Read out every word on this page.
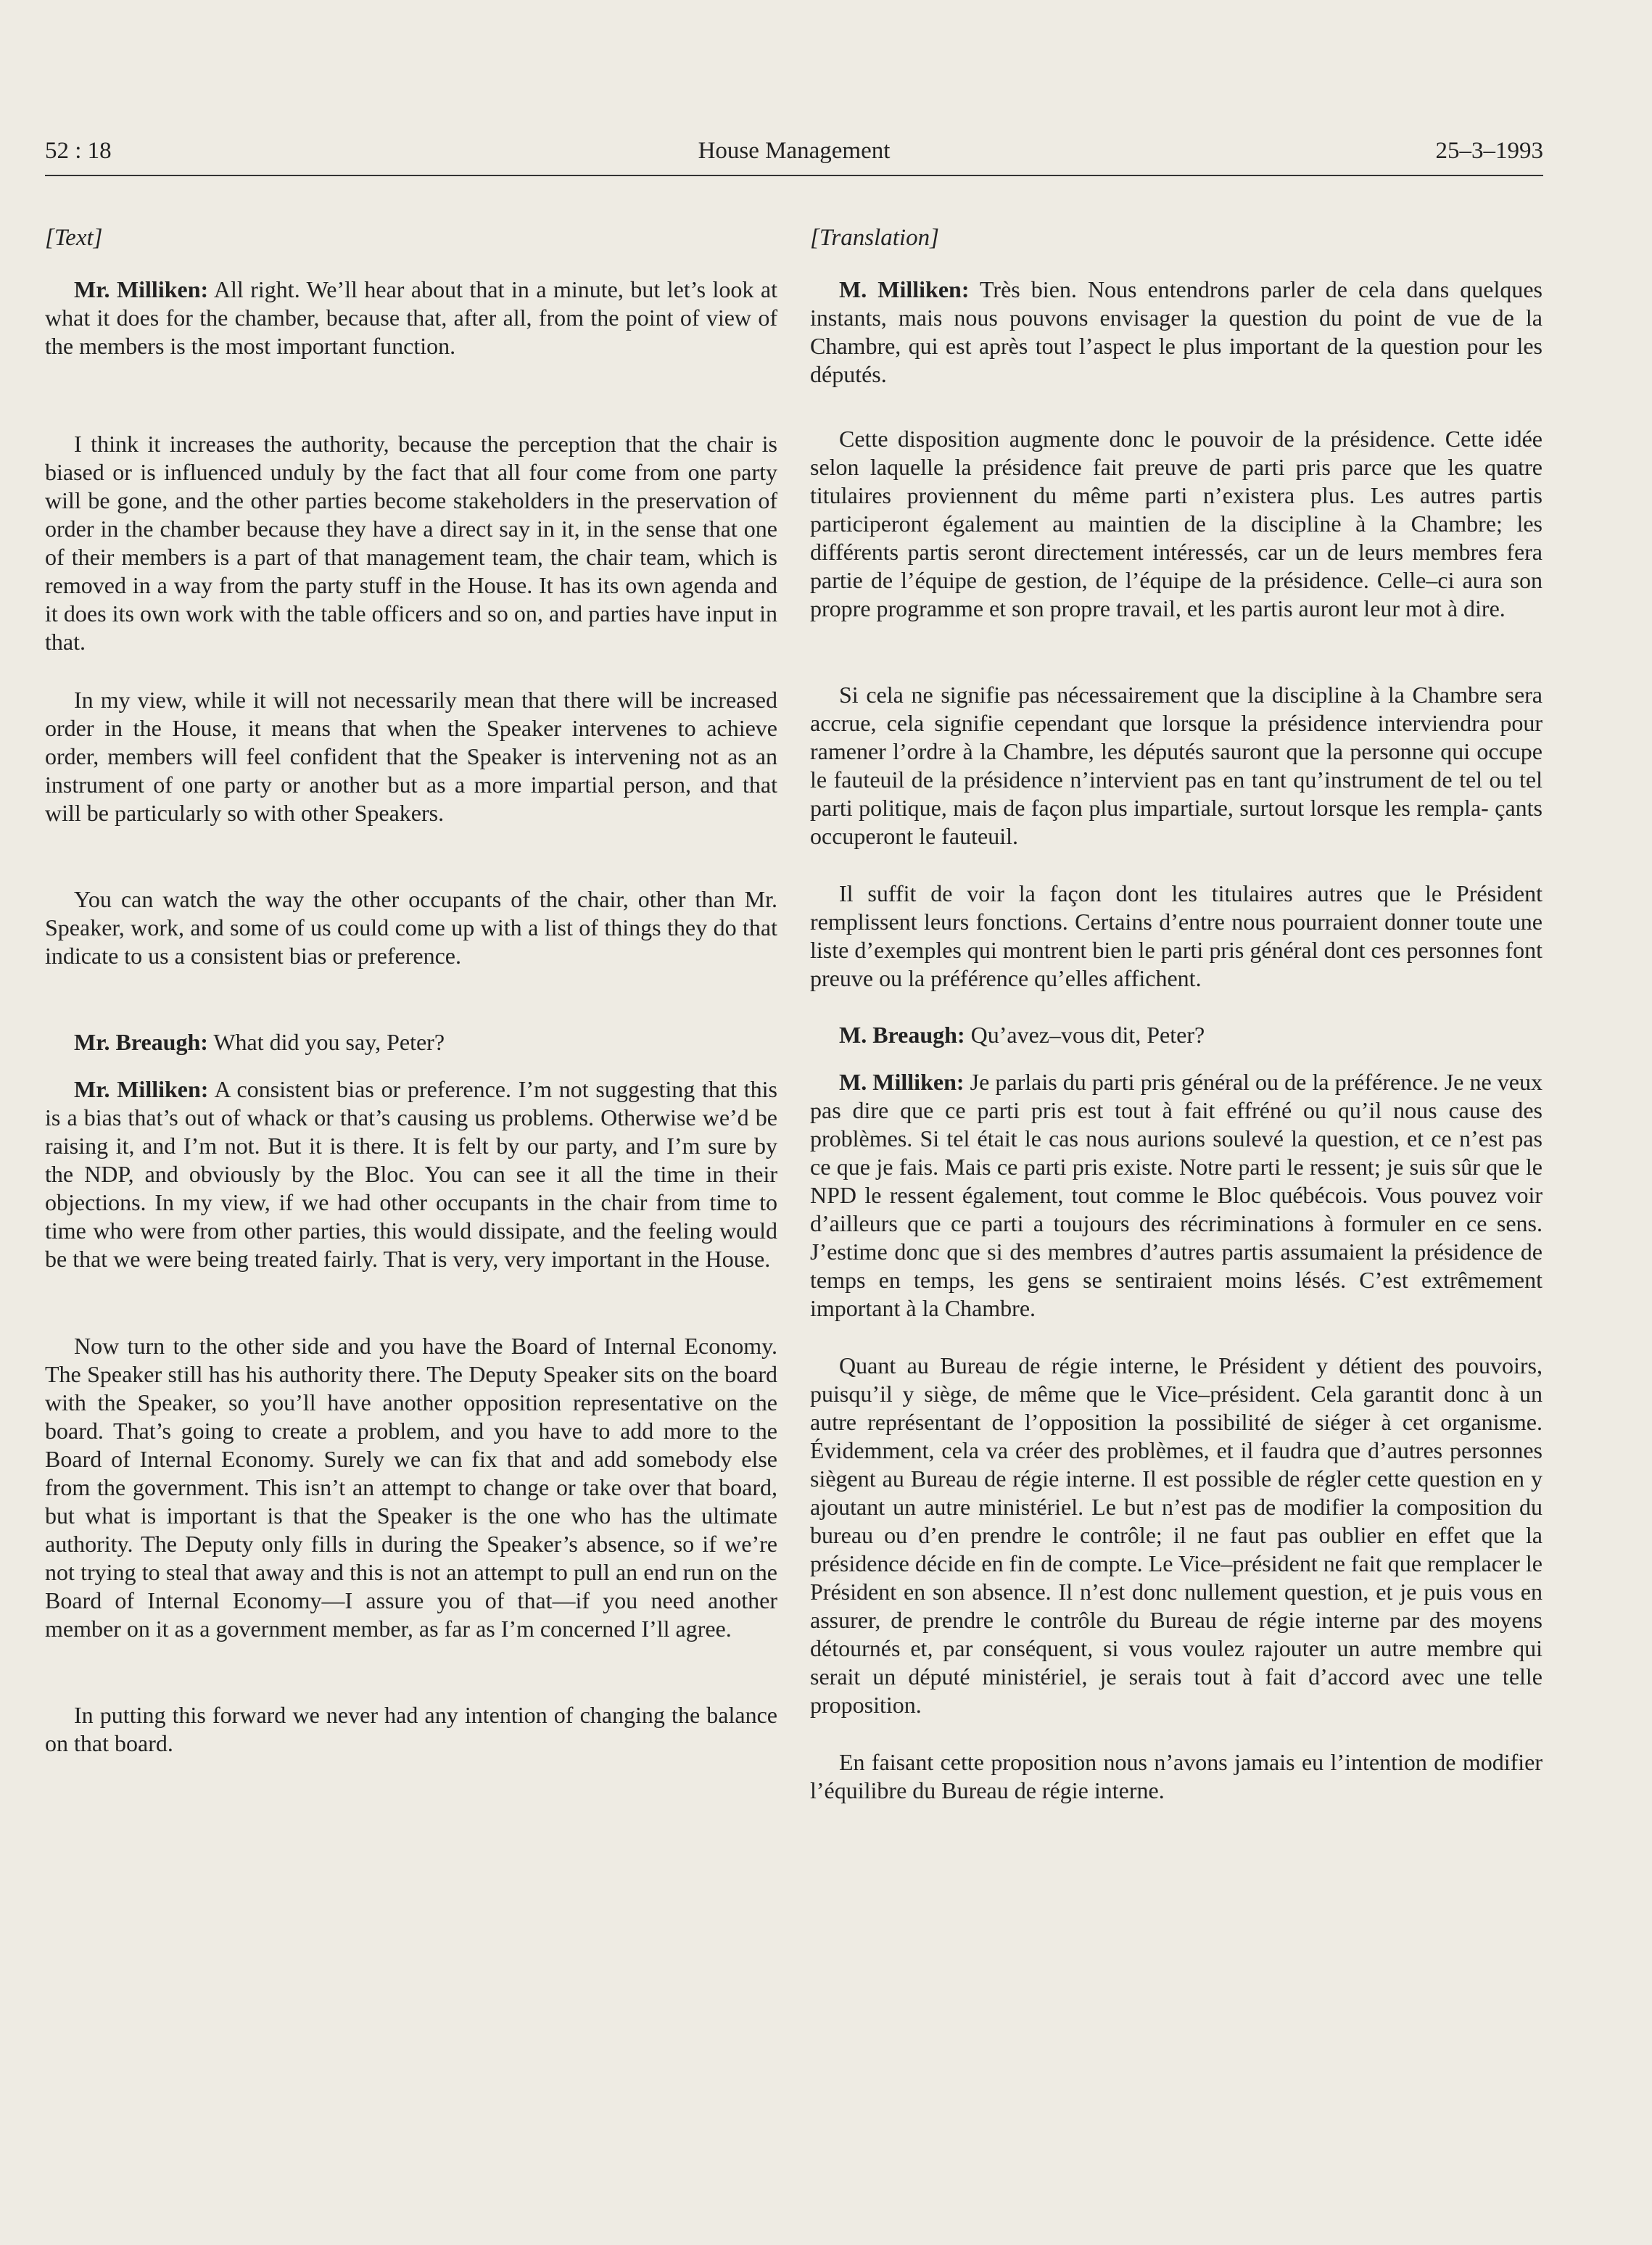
House Management
52 : 18	25–3–1993
[Text]

Mr. Milliken: All right. We’ll hear about that in a minute, but let’s look at what it does for the chamber, because that, after all, from the point of view of the members is the most important function.

I think it increases the authority, because the perception that the chair is biased or is influenced unduly by the fact that all four come from one party will be gone, and the other parties become stakeholders in the preservation of order in the chamber because they have a direct say in it, in the sense that one of their members is a part of that management team, the chair team, which is removed in a way from the party stuff in the House. It has its own agenda and it does its own work with the table officers and so on, and parties have input in that.

In my view, while it will not necessarily mean that there will be increased order in the House, it means that when the Speaker intervenes to achieve order, members will feel confident that the Speaker is intervening not as an instrument of one party or another but as a more impartial person, and that will be particularly so with other Speakers.

You can watch the way the other occupants of the chair, other than Mr. Speaker, work, and some of us could come up with a list of things they do that indicate to us a consistent bias or preference.

Mr. Breaugh: What did you say, Peter?

Mr. Milliken: A consistent bias or preference. I’m not suggesting that this is a bias that’s out of whack or that’s causing us problems. Otherwise we’d be raising it, and I’m not. But it is there. It is felt by our party, and I’m sure by the NDP, and obviously by the Bloc. You can see it all the time in their objections. In my view, if we had other occupants in the chair from time to time who were from other parties, this would dissipate, and the feeling would be that we were being treated fairly. That is very, very important in the House.

Now turn to the other side and you have the Board of Internal Economy. The Speaker still has his authority there. The Deputy Speaker sits on the board with the Speaker, so you’ll have another opposition representative on the board. That’s going to create a problem, and you have to add more to the Board of Internal Economy. Surely we can fix that and add somebody else from the government. This isn’t an attempt to change or take over that board, but what is important is that the Speaker is the one who has the ultimate authority. The Deputy only fills in during the Speaker’s absence, so if we’re not trying to steal that away and this is not an attempt to pull an end run on the Board of Internal Economy—I assure you of that—if you need another member on it as a government member, as far as I’m concerned I’ll agree.

In putting this forward we never had any intention of changing the balance on that board.

[Translation]

M. Milliken: Très bien. Nous entendrons parler de cela dans quelques instants, mais nous pouvons envisager la question du point de vue de la Chambre, qui est après tout l’aspect le plus important de la question pour les députés.

Cette disposition augmente donc le pouvoir de la présidence. Cette idée selon laquelle la présidence fait preuve de parti pris parce que les quatre titulaires proviennent du même parti n’existera plus. Les autres partis participeront également au maintien de la discipline à la Chambre; les différents partis seront directement intéressés, car un de leurs membres fera partie de l’équipe de gestion, de l’équipe de la présidence. Celle–ci aura son propre programme et son propre travail, et les partis auront leur mot à dire.

Si cela ne signifie pas nécessairement que la discipline à la Chambre sera accrue, cela signifie cependant que lorsque la présidence interviendra pour ramener l’ordre à la Chambre, les députés sauront que la personne qui occupe le fauteuil de la présidence n’intervient pas en tant qu’instrument de tel ou tel parti politique, mais de façon plus impartiale, surtout lorsque les rempla- çants occuperont le fauteuil.

Il suffit de voir la façon dont les titulaires autres que le Président remplissent leurs fonctions. Certains d’entre nous pourraient donner toute une liste d’exemples qui montrent bien le parti pris général dont ces personnes font preuve ou la préférence qu’elles affichent.

M. Breaugh: Qu’avez–vous dit, Peter?

M. Milliken: Je parlais du parti pris général ou de la préférence. Je ne veux pas dire que ce parti pris est tout à fait effréné ou qu’il nous cause des problèmes. Si tel était le cas nous aurions soulevé la question, et ce n’est pas ce que je fais. Mais ce parti pris existe. Notre parti le ressent; je suis sûr que le NPD le ressent également, tout comme le Bloc québécois. Vous pouvez voir d’ailleurs que ce parti a toujours des récriminations à formuler en ce sens. J’estime donc que si des membres d’autres partis assumaient la présidence de temps en temps, les gens se sentiraient moins lésés. C’est extrêmement important à la Chambre.

Quant au Bureau de régie interne, le Président y détient des pouvoirs, puisqu’il y siège, de même que le Vice–président. Cela garantit donc à un autre représentant de l’opposition la possibilité de siéger à cet organisme. Évidemment, cela va créer des problèmes, et il faudra que d’autres personnes siègent au Bureau de régie interne. Il est possible de régler cette question en y ajoutant un autre ministériel. Le but n’est pas de modifier la composition du bureau ou d’en prendre le contrôle; il ne faut pas oublier en effet que la présidence décide en fin de compte. Le Vice–président ne fait que remplacer le Président en son absence. Il n’est donc nullement question, et je puis vous en assurer, de prendre le contrôle du Bureau de régie interne par des moyens détournés et, par conséquent, si vous voulez rajouter un autre membre qui serait un député ministériel, je serais tout à fait d’accord avec une telle proposition.

En faisant cette proposition nous n’avons jamais eu l’intention de modifier l’équilibre du Bureau de régie interne.
